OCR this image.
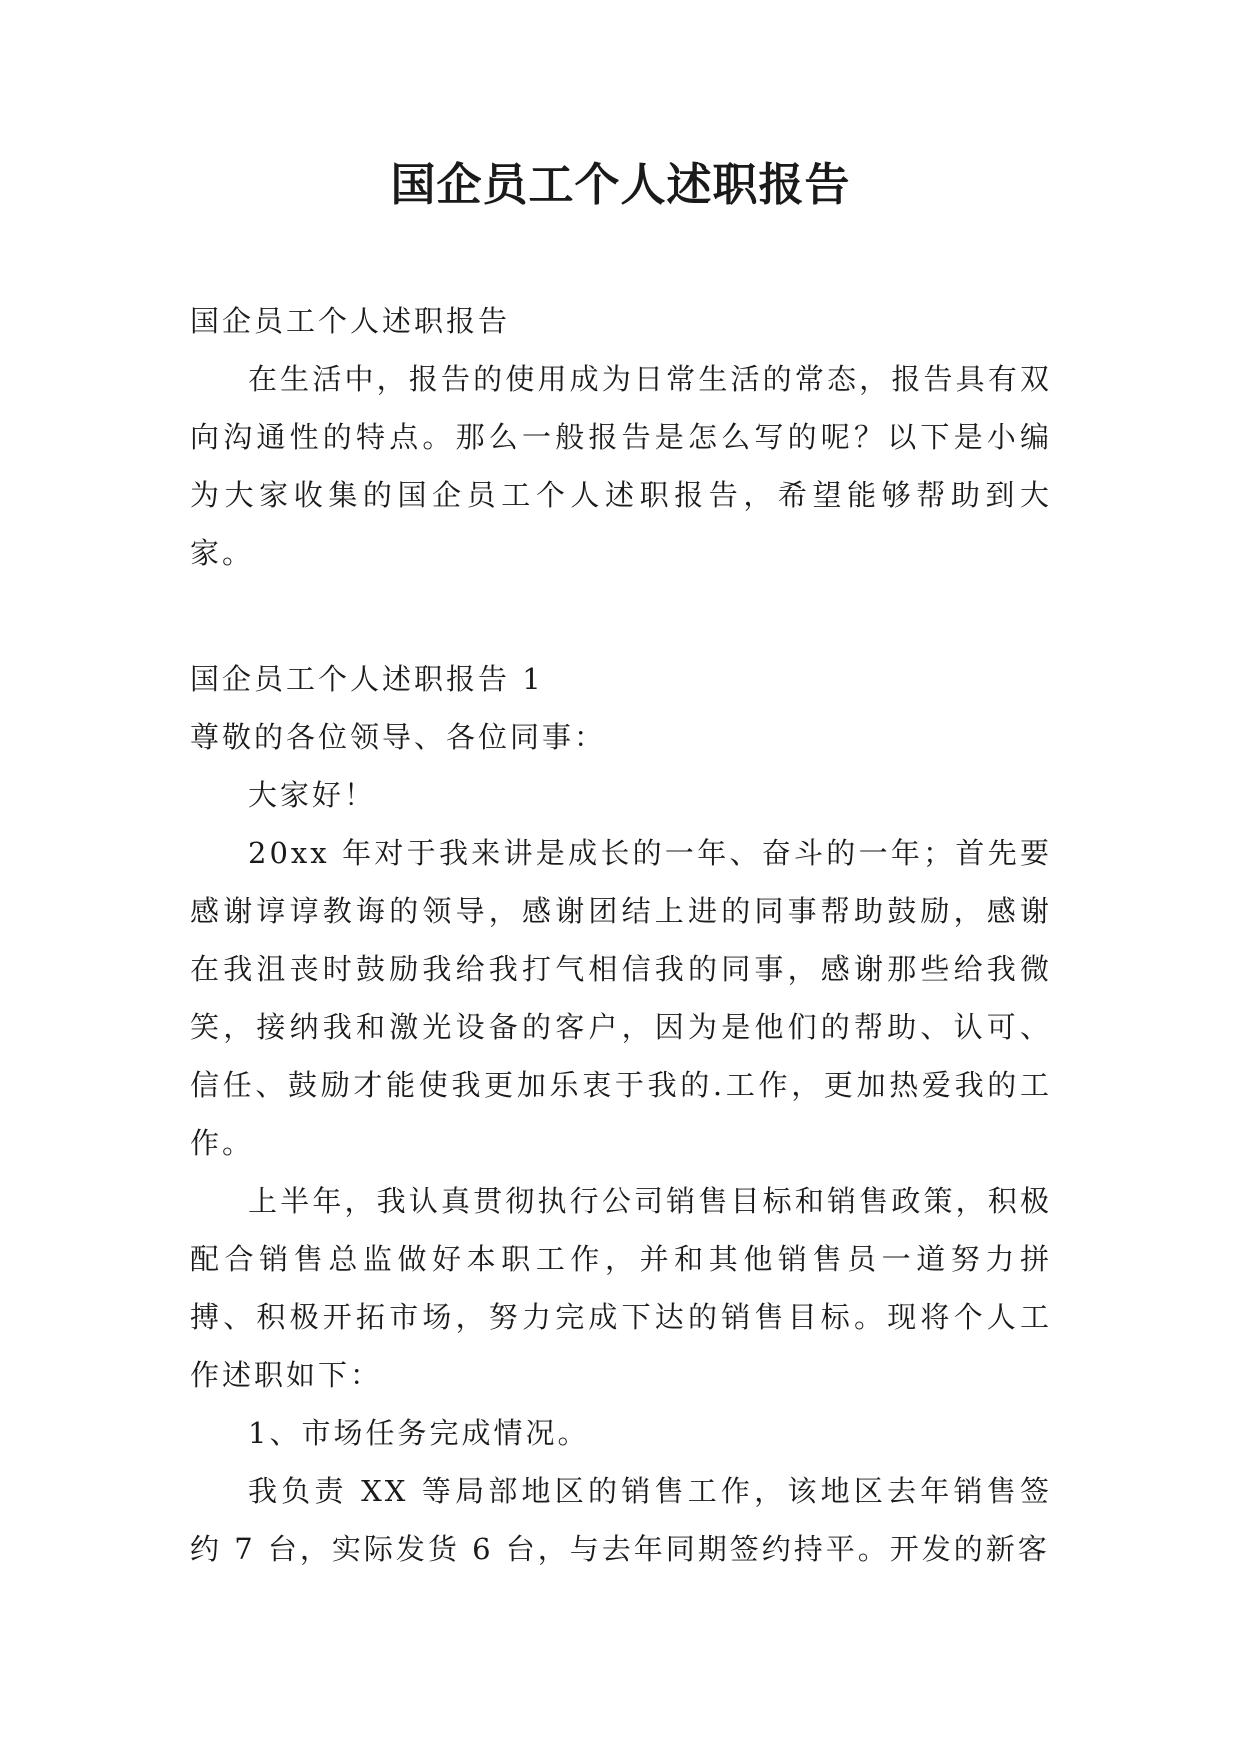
国企员工个人述职报告

国企员工个人述职报告

在生活中，报告的使用成为日常生活的常态，报告具有双向沟通性的特点。那么一般报告是怎么写的呢？以下是小编为大家收集的国企员工个人述职报告，希望能够帮助到大家。

国企员工个人述职报告 1

尊敬的各位领导、各位同事：

大家好！

20xx 年对于我来讲是成长的一年、奋斗的一年；首先要感谢谆谆教诲的领导，感谢团结上进的同事帮助鼓励，感谢在我沮丧时鼓励我给我打气相信我的同事，感谢那些给我微笑，接纳我和激光设备的客户，因为是他们的帮助、认可、信任、鼓励才能使我更加乐衷于我的.工作，更加热爱我的工作。

上半年，我认真贯彻执行公司销售目标和销售政策，积极配合销售总监做好本职工作，并和其他销售员一道努力拼搏、积极开拓市场，努力完成下达的销售目标。现将个人工作述职如下：

1、市场任务完成情况。

我负责 XX 等局部地区的销售工作，该地区去年销售签约 7 台，实际发货 6 台，与去年同期签约持平。开发的新客
